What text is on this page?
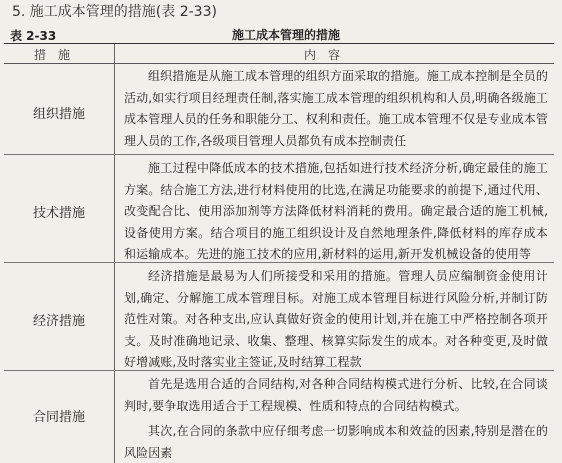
5. 施工成本管理的措施(表 2-33)
表 2-33	施工成本管理的措施
措　施	内　容
组织措施

组织措施是从施工成本管理的组织方面采取的措施。施工成本控制是全员的活动,如实行项目经理责任制,落实施工成本管理的组织机构和人员,明确各级施工成本管理人员的任务和职能分工、权利和责任。施工成本管理不仅是专业成本管理人员的工作,各级项目管理人员都负有成本控制责任

技术措施

施工过程中降低成本的技术措施,包括如进行技术经济分析,确定最佳的施工方案。结合施工方法,进行材料使用的比选,在满足功能要求的前提下,通过代用、改变配合比、使用添加剂等方法降低材料消耗的费用。确定最合适的施工机械,设备使用方案。结合项目的施工组织设计及自然地理条件,降低材料的库存成本和运输成本。先进的施工技术的应用,新材料的运用,新开发机械设备的使用等

经济措施

经济措施是最易为人们所接受和采用的措施。管理人员应编制资金使用计划,确定、分解施工成本管理目标。对施工成本管理目标进行风险分析,并制订防范性对策。对各种支出,应认真做好资金的使用计划,并在施工中严格控制各项开支。及时准确地记录、收集、整理、核算实际发生的成本。对各种变更,及时做好增减账,及时落实业主签证,及时结算工程款

合同措施

首先是选用合适的合同结构,对各种合同结构模式进行分析、比较,在合同谈判时,要争取选用适合于工程规模、性质和特点的合同结构模式。

其次,在合同的条款中应仔细考虑一切影响成本和效益的因素,特别是潜在的风险因素
